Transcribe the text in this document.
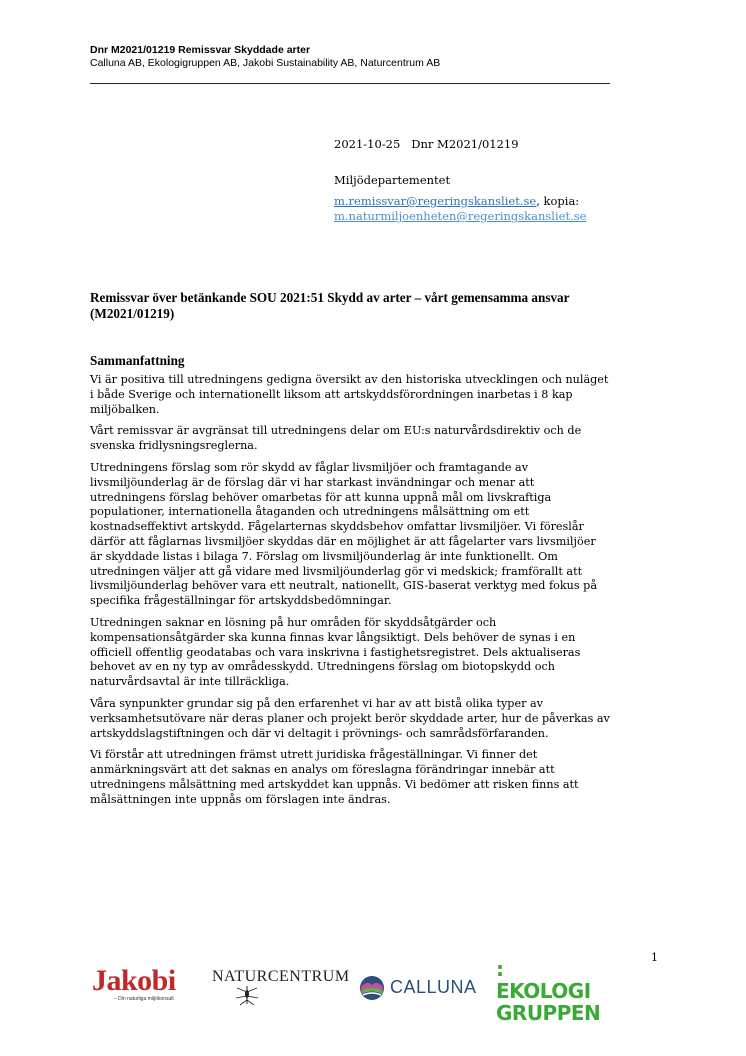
Dnr M2021/01219 Remissvar Skyddade arter
Calluna AB, Ekologigruppen AB, Jakobi Sustainability AB, Naturcentrum AB
2021-10-25 Dnr M2021/01219
Miljödepartementet
m.remissvar@regeringskansliet.se, kopia:
m.naturmiljoenheten@regeringskansliet.se
Remissvar över betänkande SOU 2021:51 Skydd av arter – vårt gemensamma ansvar (M2021/01219)
Sammanfattning

Vi är positiva till utredningens gedigna översikt av den historiska utvecklingen och nuläget i både Sverige och internationellt liksom att artskyddsförordningen inarbetas i 8 kap miljöbalken.

Vårt remissvar är avgränsat till utredningens delar om EU:s naturvårdsdirektiv och de svenska fridlysningsreglerna.

Utredningens förslag som rör skydd av fåglar livsmiljöer och framtagande av livsmiljöunderlag är de förslag där vi har starkast invändningar och menar att utredningens förslag behöver omarbetas för att kunna uppnå mål om livskraftiga populationer, internationella åtaganden och utredningens målsättning om ett kostnadseffektivt artskydd. Fågelarternas skyddsbehov omfattar livsmiljöer. Vi föreslår därför att fåglarnas livsmiljöer skyddas där en möjlighet är att fågelarter vars livsmiljöer är skyddade listas i bilaga 7. Förslag om livsmiljöunderlag är inte funktionellt. Om utredningen väljer att gå vidare med livsmiljöunderlag gör vi medskick; framförallt att livsmiljöunderlag behöver vara ett neutralt, nationellt, GIS-baserat verktyg med fokus på specifika frågeställningar för artskyddsbedömningar.

Utredningen saknar en lösning på hur områden för skyddsåtgärder och kompensationsåtgärder ska kunna finnas kvar långsiktigt. Dels behöver de synas i en officiell offentlig geodatabas och vara inskrivna i fastighetsregistret. Dels aktualiseras behovet av en ny typ av områdesskydd. Utredningens förslag om biotopskydd och naturvårdsavtal är inte tillräckliga.

Våra synpunkter grundar sig på den erfarenhet vi har av att bistå olika typer av verksamhetsutövare när deras planer och projekt berör skyddade arter, hur de påverkas av artskyddslagstiftningen och där vi deltagit i prövnings- och samrådsförfaranden.

Vi förstår att utredningen främst utrett juridiska frågeställningar. Vi finner det anmärkningsvärt att det saknas en analys om föreslagna förändringar innebär att utredningens målsättning med artskyddet kan uppnås. Vi bedömer att risken finns att målsättningen inte uppnås om förslagen inte ändras.

1
Jakobi
– Din naturliga miljökonsult
NATURCENTRUM
CALLUNA
: EKOLOGI
GRUPPEN
